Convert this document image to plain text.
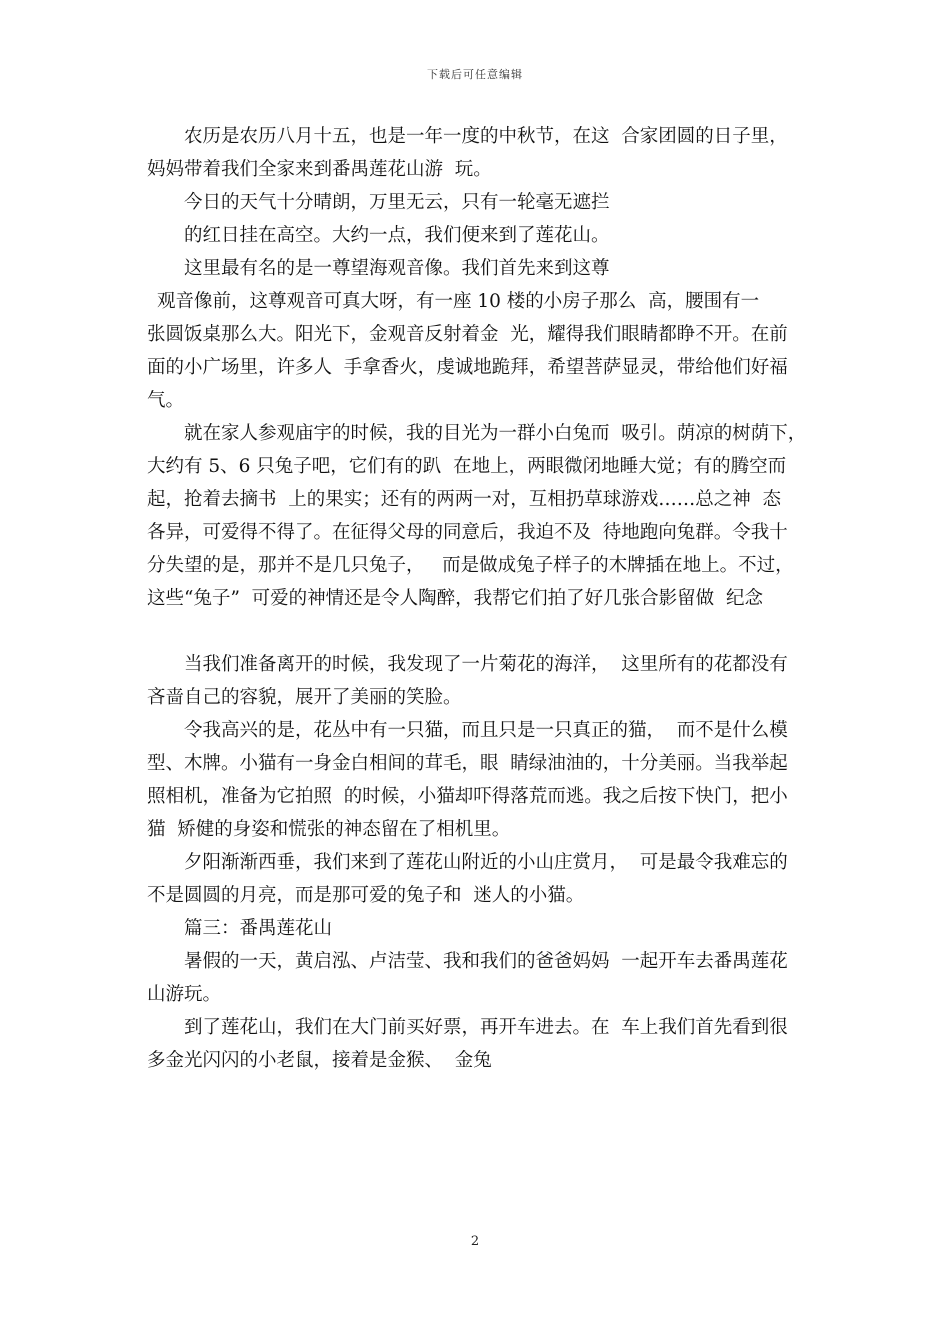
下载后可任意编辑
农历是农历八月十五，也是一年一度的中秋节，在这  合家团圆的日子里，
妈妈带着我们全家来到番禺莲花山游  玩。
今日的天气十分晴朗，万里无云，只有一轮毫无遮拦
的红日挂在高空。大约一点，我们便来到了莲花山。
这里最有名的是一尊望海观音像。我们首先来到这尊
观音像前，这尊观音可真大呀，有一座 10 楼的小房子那么  高，腰围有一
张圆饭桌那么大。阳光下，金观音反射着金  光，耀得我们眼睛都睁不开。在前
面的小广场里，许多人  手拿香火，虔诚地跪拜，希望菩萨显灵，带给他们好福
气。
就在家人参观庙宇的时候，我的目光为一群小白兔而  吸引。荫凉的树荫下，
大约有 5、6 只兔子吧，它们有的趴  在地上，两眼微闭地睡大觉；有的腾空而
起，抢着去摘书  上的果实；还有的两两一对，互相扔草球游戏……总之神  态
各异，可爱得不得了。在征得父母的同意后，我迫不及  待地跑向兔群。令我十
分失望的是，那并不是几只兔子，   而是做成兔子样子的木牌插在地上。不过，
这些“兔子”  可爱的神情还是令人陶醉，我帮它们拍了好几张合影留做  纪念
当我们准备离开的时候，我发现了一片菊花的海洋，  这里所有的花都没有
吝啬自己的容貌，展开了美丽的笑脸。
令我高兴的是，花丛中有一只猫，而且只是一只真正的猫，  而不是什么模
型、木牌。小猫有一身金白相间的茸毛，眼  睛绿油油的，十分美丽。当我举起
照相机，准备为它拍照  的时候，小猫却吓得落荒而逃。我之后按下快门，把小
猫  矫健的身姿和慌张的神态留在了相机里。
夕阳渐渐西垂，我们来到了莲花山附近的小山庄赏月，  可是最令我难忘的
不是圆圆的月亮，而是那可爱的兔子和  迷人的小猫。
篇三：番禺莲花山
暑假的一天，黄启泓、卢洁莹、我和我们的爸爸妈妈  一起开车去番禺莲花
山游玩。
到了莲花山，我们在大门前买好票，再开车进去。在  车上我们首先看到很
多金光闪闪的小老鼠，接着是金猴、  金兔
2
